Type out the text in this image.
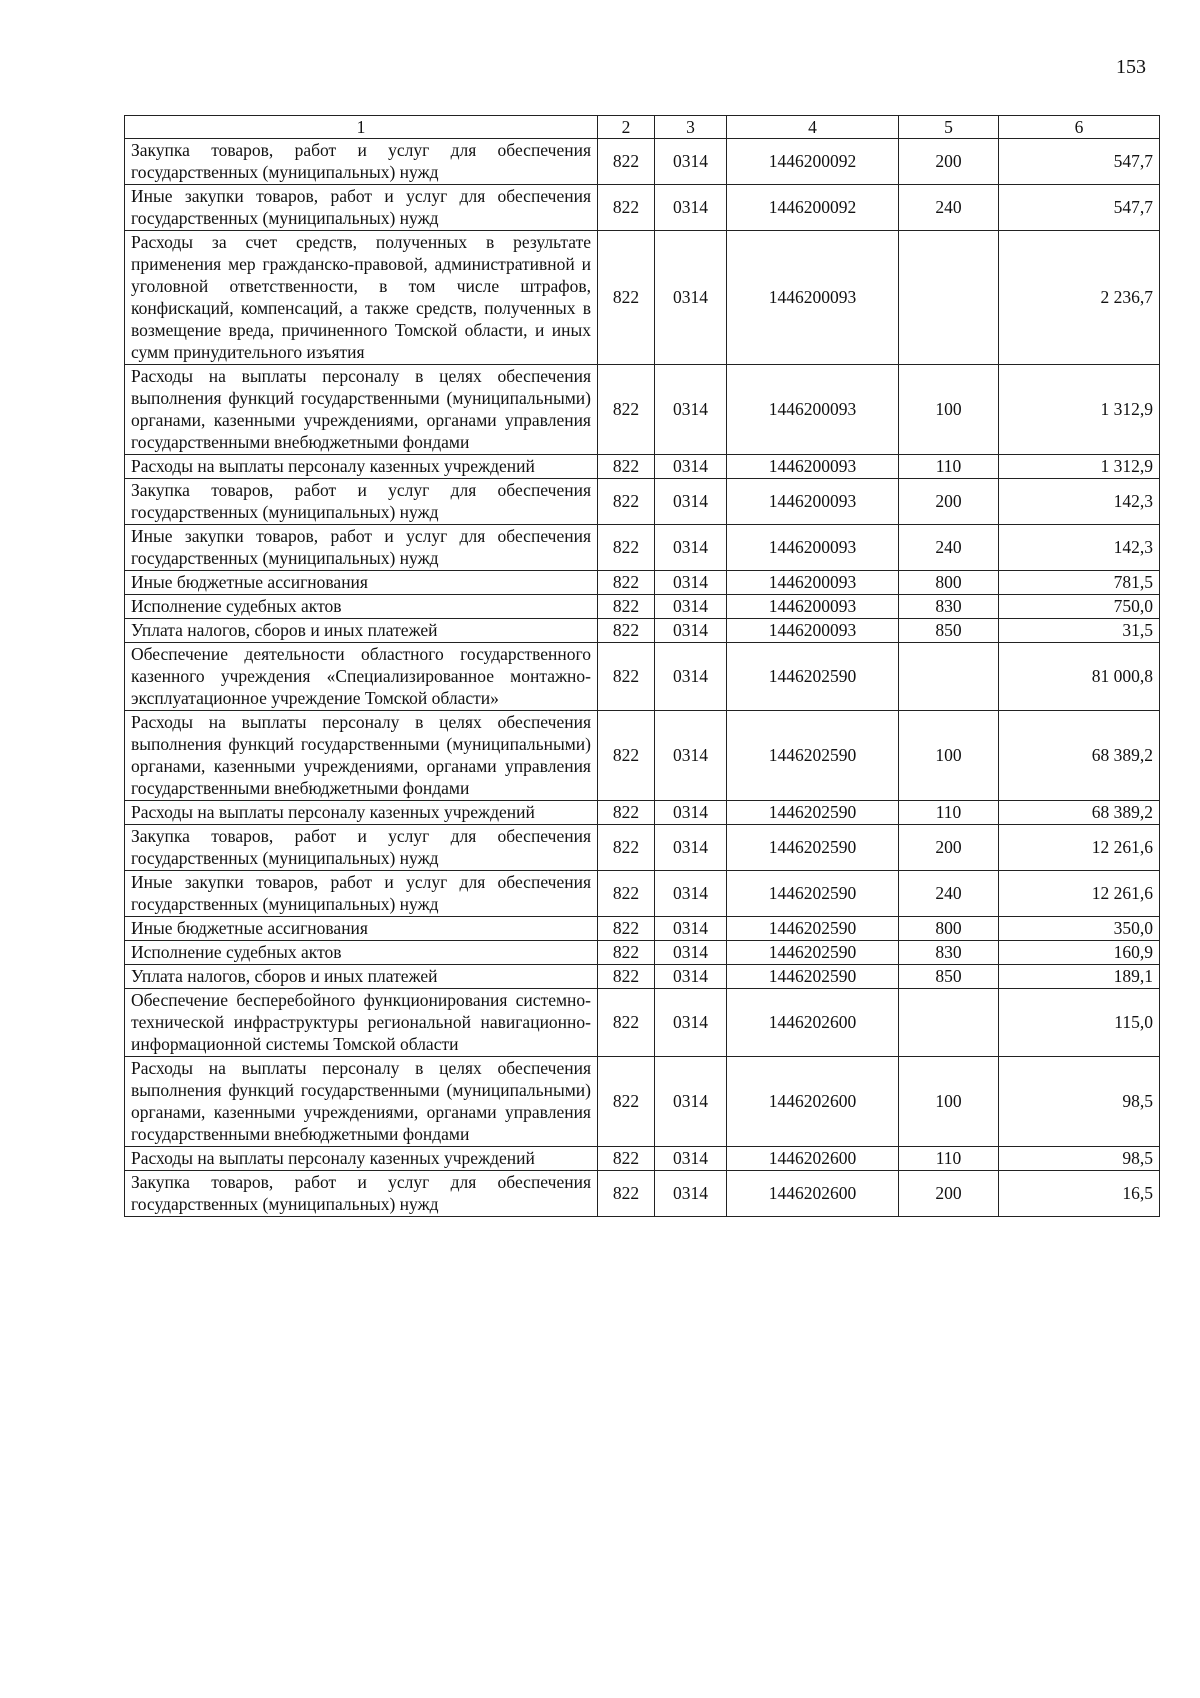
153
1	2	3	4	5	6
Закупка товаров, работ и услуг для обеспечения государственных (муниципальных) нужд	822	0314	1446200092	200	547,7
Иные закупки товаров, работ и услуг для обеспечения государственных (муниципальных) нужд	822	0314	1446200092	240	547,7
Расходы за счет средств, полученных в результате применения мер гражданско-правовой, административной и уголовной ответственности, в том числе штрафов, конфискаций, компенсаций, а также средств, полученных в возмещение вреда, причиненного Томской области, и иных сумм принудительного изъятия	822	0314	1446200093		2 236,7
Расходы на выплаты персоналу в целях обеспечения выполнения функций государственными (муниципальными) органами, казенными учреждениями, органами управления государственными внебюджетными фондами	822	0314	1446200093	100	1 312,9
Расходы на выплаты персоналу казенных учреждений	822	0314	1446200093	110	1 312,9
Закупка товаров, работ и услуг для обеспечения государственных (муниципальных) нужд	822	0314	1446200093	200	142,3
Иные закупки товаров, работ и услуг для обеспечения государственных (муниципальных) нужд	822	0314	1446200093	240	142,3
Иные бюджетные ассигнования	822	0314	1446200093	800	781,5
Исполнение судебных актов	822	0314	1446200093	830	750,0
Уплата налогов, сборов и иных платежей	822	0314	1446200093	850	31,5
Обеспечение деятельности областного государственного казенного учреждения «Специализированное монтажно-эксплуатационное учреждение Томской области»	822	0314	1446202590		81 000,8
Расходы на выплаты персоналу в целях обеспечения выполнения функций государственными (муниципальными) органами, казенными учреждениями, органами управления государственными внебюджетными фондами	822	0314	1446202590	100	68 389,2
Расходы на выплаты персоналу казенных учреждений	822	0314	1446202590	110	68 389,2
Закупка товаров, работ и услуг для обеспечения государственных (муниципальных) нужд	822	0314	1446202590	200	12 261,6
Иные закупки товаров, работ и услуг для обеспечения государственных (муниципальных) нужд	822	0314	1446202590	240	12 261,6
Иные бюджетные ассигнования	822	0314	1446202590	800	350,0
Исполнение судебных актов	822	0314	1446202590	830	160,9
Уплата налогов, сборов и иных платежей	822	0314	1446202590	850	189,1
Обеспечение бесперебойного функционирования системно-технической инфраструктуры региональной навигационно-информационной системы Томской области	822	0314	1446202600		115,0
Расходы на выплаты персоналу в целях обеспечения выполнения функций государственными (муниципальными) органами, казенными учреждениями, органами управления государственными внебюджетными фондами	822	0314	1446202600	100	98,5
Расходы на выплаты персоналу казенных учреждений	822	0314	1446202600	110	98,5
Закупка товаров, работ и услуг для обеспечения государственных (муниципальных) нужд	822	0314	1446202600	200	16,5
